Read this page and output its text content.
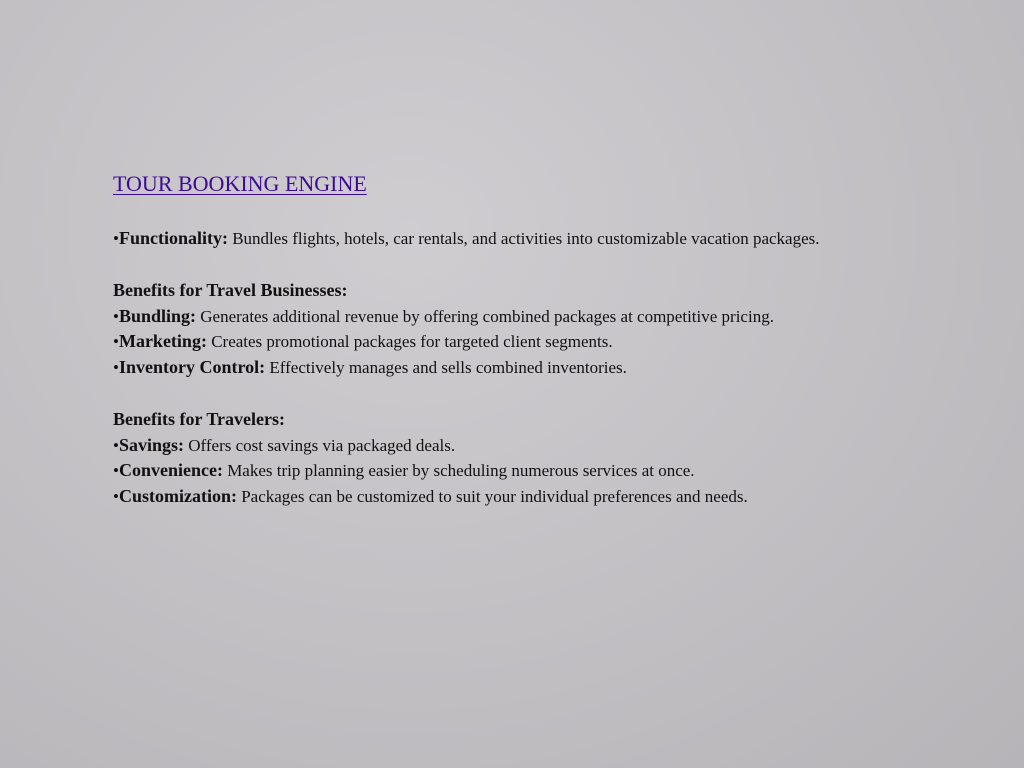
TOUR BOOKING ENGINE
•Functionality: Bundles flights, hotels, car rentals, and activities into customizable vacation packages.
Benefits for Travel Businesses:
•Bundling: Generates additional revenue by offering combined packages at competitive pricing.
•Marketing: Creates promotional packages for targeted client segments.
•Inventory Control: Effectively manages and sells combined inventories.
Benefits for Travelers:
•Savings: Offers cost savings via packaged deals.
•Convenience: Makes trip planning easier by scheduling numerous services at once.
•Customization: Packages can be customized to suit your individual preferences and needs.
